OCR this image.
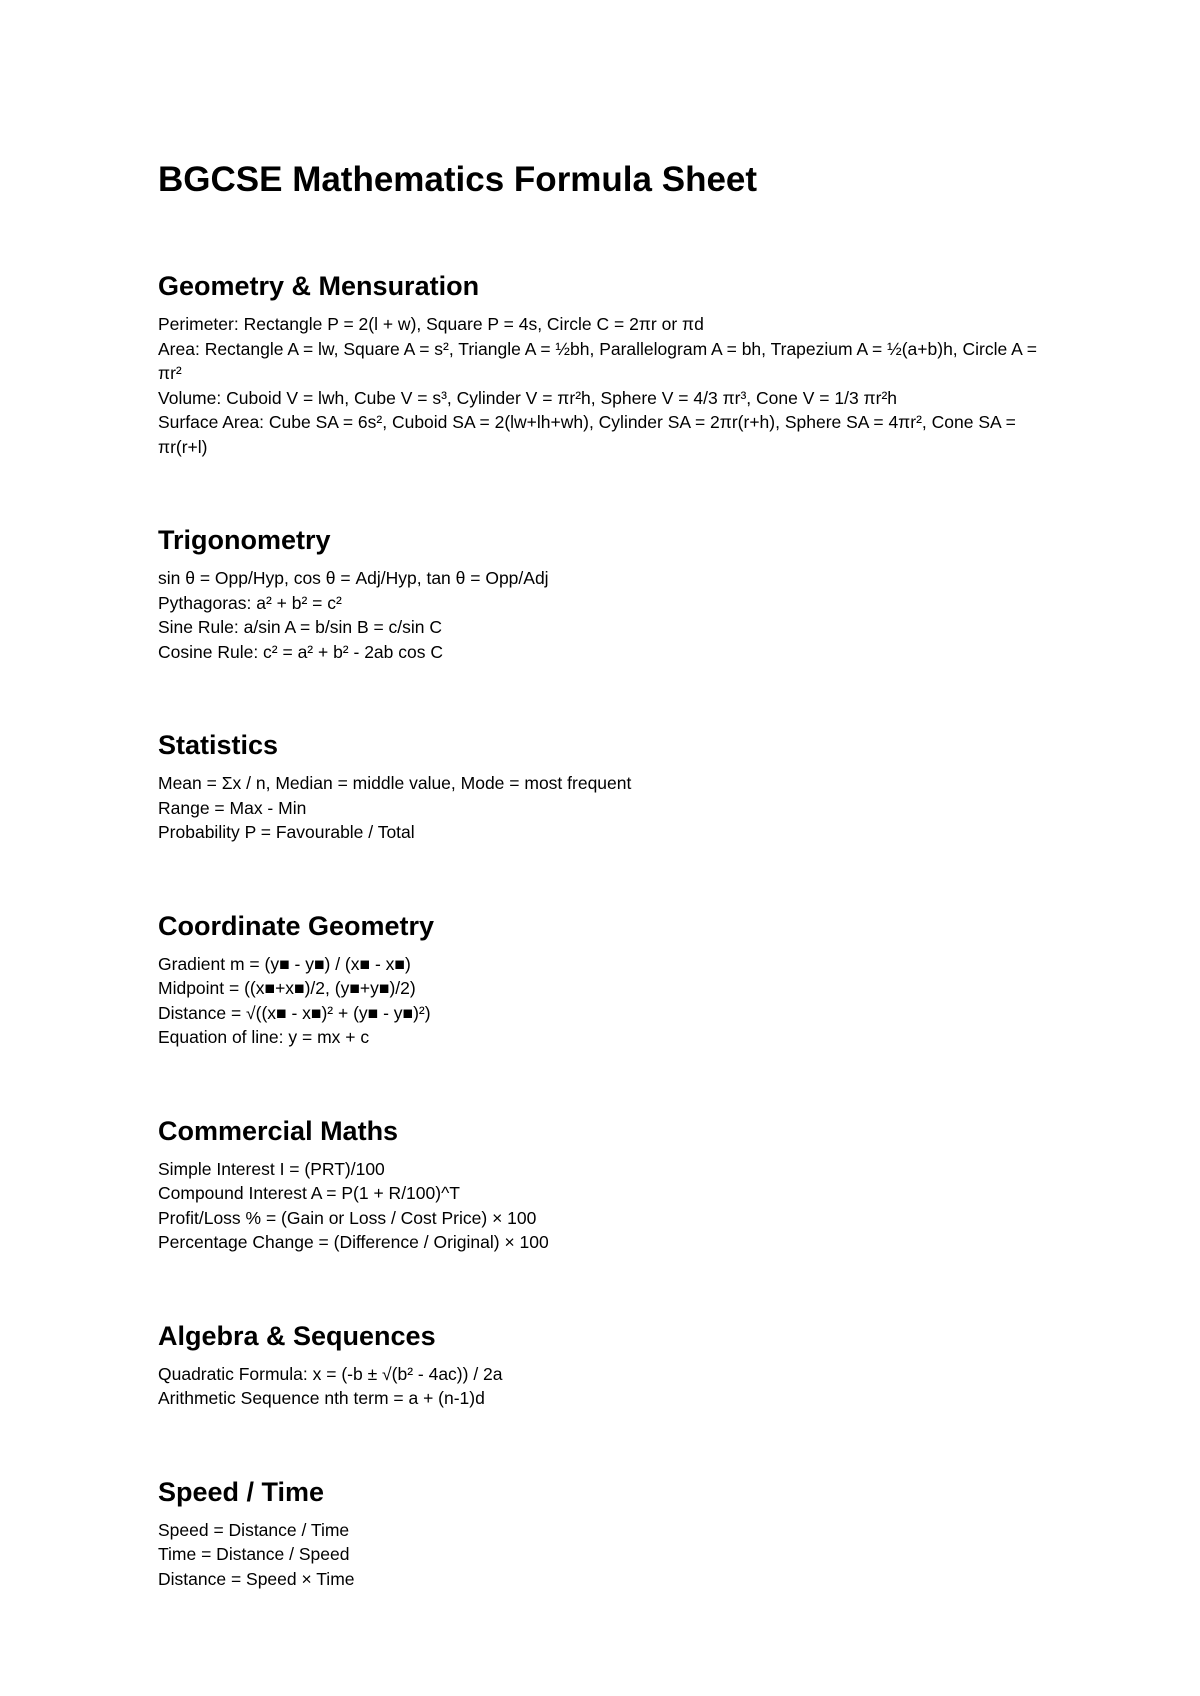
BGCSE Mathematics Formula Sheet
Geometry & Mensuration

Perimeter: Rectangle P = 2(l + w), Square P = 4s, Circle C = 2πr or πd

Area: Rectangle A = lw, Square A = s², Triangle A = ½bh, Parallelogram A = bh, Trapezium A = ½(a+b)h, Circle A = πr²

Volume: Cuboid V = lwh, Cube V = s³, Cylinder V = πr²h, Sphere V = 4/3 πr³, Cone V = 1/3 πr²h

Surface Area: Cube SA = 6s², Cuboid SA = 2(lw+lh+wh), Cylinder SA = 2πr(r+h), Sphere SA = 4πr², Cone SA = πr(r+l)

Trigonometry

sin θ = Opp/Hyp, cos θ = Adj/Hyp, tan θ = Opp/Adj

Pythagoras: a² + b² = c²

Sine Rule: a/sin A = b/sin B = c/sin C

Cosine Rule: c² = a² + b² - 2ab cos C

Statistics

Mean = Σx / n, Median = middle value, Mode = most frequent

Range = Max - Min

Probability P = Favourable / Total

Coordinate Geometry

Gradient m = (y■ - y■) / (x■ - x■)

Midpoint = ((x■+x■)/2, (y■+y■)/2)

Distance = √((x■ - x■)² + (y■ - y■)²)

Equation of line: y = mx + c

Commercial Maths

Simple Interest I = (PRT)/100

Compound Interest A = P(1 + R/100)^T

Profit/Loss % = (Gain or Loss / Cost Price) × 100

Percentage Change = (Difference / Original) × 100

Algebra & Sequences

Quadratic Formula: x = (-b ± √(b² - 4ac)) / 2a

Arithmetic Sequence nth term = a + (n-1)d

Speed / Time

Speed = Distance / Time

Time = Distance / Speed

Distance = Speed × Time
